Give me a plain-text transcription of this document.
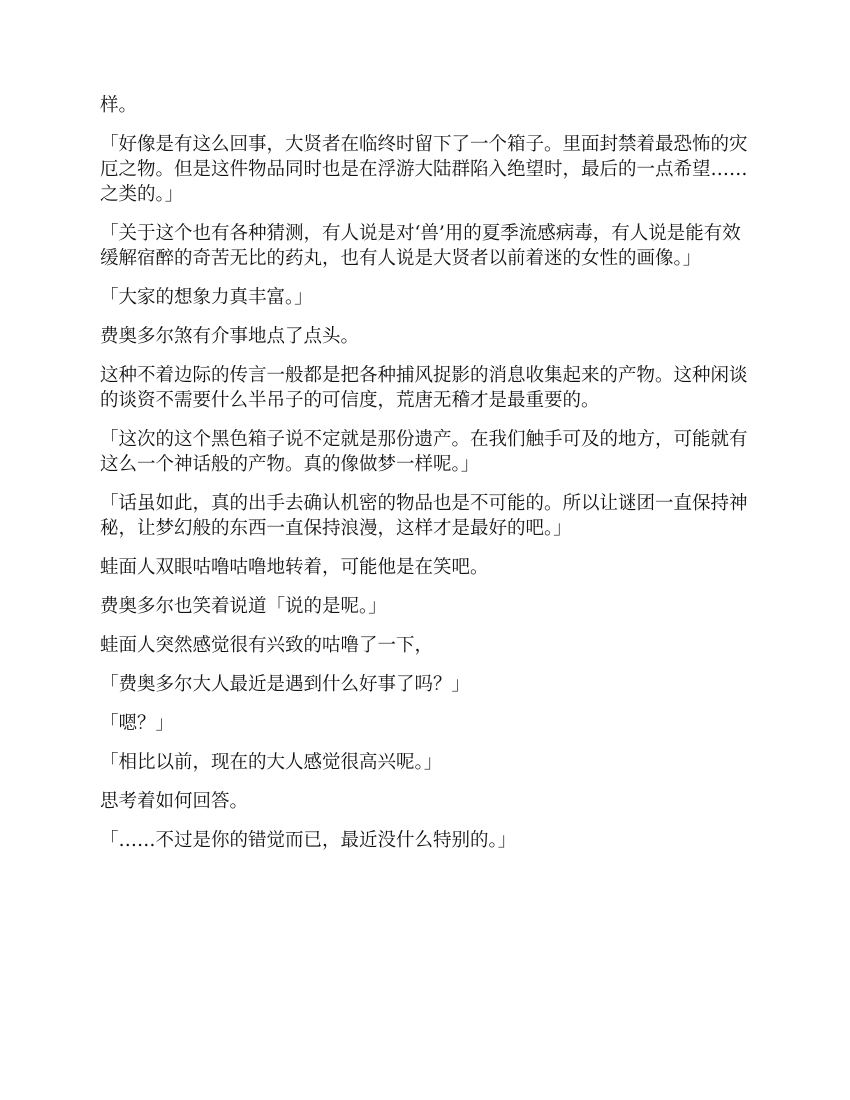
样。

「好像是有这么回事，大贤者在临终时留下了一个箱子。里面封禁着最恐怖的灾厄之物。但是这件物品同时也是在浮游大陆群陷入绝望时，最后的一点希望……之类的。」

「关于这个也有各种猜测，有人说是对‘兽’用的夏季流感病毒，有人说是能有效缓解宿醉的奇苦无比的药丸，也有人说是大贤者以前着迷的女性的画像。」

「大家的想象力真丰富。」

费奥多尔煞有介事地点了点头。

这种不着边际的传言一般都是把各种捕风捉影的消息收集起来的产物。这种闲谈的谈资不需要什么半吊子的可信度，荒唐无稽才是最重要的。

「这次的这个黑色箱子说不定就是那份遗产。在我们触手可及的地方，可能就有这么一个神话般的产物。真的像做梦一样呢。」

「话虽如此，真的出手去确认机密的物品也是不可能的。所以让谜团一直保持神秘，让梦幻般的东西一直保持浪漫，这样才是最好的吧。」

蛙面人双眼咕噜咕噜地转着，可能他是在笑吧。

费奥多尔也笑着说道「说的是呢。」

蛙面人突然感觉很有兴致的咕噜了一下，

「费奥多尔大人最近是遇到什么好事了吗？」

「嗯？」

「相比以前，现在的大人感觉很高兴呢。」

思考着如何回答。

「……不过是你的错觉而已，最近没什么特别的。」
